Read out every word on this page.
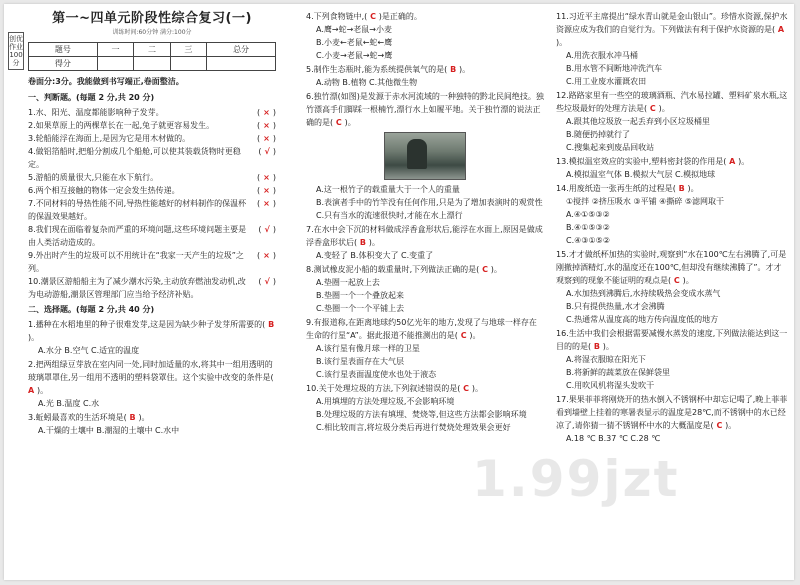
创优作业100分
1.99jzt
第一~四单元阶段性综合复习(一)
训练时间:60分钟 满分:100分
题号	一	二	三	总分
得分				
卷面分:3分。我能做到书写端正,卷面整洁。
一、判断题。(每题 2 分,共 20 分)
1.水、阳光、温度都能影响种子发芽。	( × )
2.如果草原上的两棵草长在一起,兔子就更容易发生。	( × )
3.轮船能浮在海面上,是因为它是用木材做的。	( × )
4.做铝箔船时,把船分割成几个船舱,可以使其装载货物时更稳定。
( √ )
5.游船的质量很大,只能在水下航行。	( × )
6.两个相互接触的物体一定会发生热传递。	( × )
7.不同材料的导热性能不同,导热性能越好的材料制作的保温杯的保温效果越好。
( × )
8.我们现在面临着复杂而严重的环境问题,这些环境问题主要是由人类活动造成的。
( √ )
9.外出时产生的垃圾可以不用统计在“我家一天产生的垃圾”之列。
( × )
10.潮景区游船船主为了减少潮水污染,主动放弃燃油发动机,改为电动游船,潮景区管理部门应当给予经济补贴。
( √ )
二、选择题。(每题 2 分,共 40 分)
1.播种在水稻地里的种子很难发芽,这是因为缺少种子发芽所需要的( B )。
A.水分 B.空气 C.适宜的温度
2.把两组绿豆芽放在室内同一处,同时加适量的水,将其中一组用透明的玻璃罩罩住,另一组用不透明的塑料袋罩住。这个实验中改变的条件是( A )。
A.光 B.温度 C.水
3.蚯蚓最喜欢的生活环境是( B )。
A.干燥的土壤中 B.潮湿的土壤中 C.水中
4.下列食物链中,( C )是正确的。
A.鹰→蛇→老鼠→小麦
B.小麦←老鼠←蛇←鹰
C.小麦→老鼠→蛇→鹰
5.制作生态瓶时,能为系统提供氧气的是( B )。
A.动物 B.植物 C.其他微生物
6.独竹漂(如图)是发源于赤水河流域的一种独特的黔北民间绝技。独竹漂高手们脚踩一根楠竹,漂行水上如履平地。关于独竹漂的说法正确的是( C )。
A.这一根竹子的载重量大于一个人的重量
B.表演者手中的竹竿没有任何作用,只是为了增加表演时的观赏性
C.只有当水的流速很快时,才能在水上漂行
7.在水中会下沉的材料做成浮香盒形状后,能浮在水面上,原因是做成浮香盒形状后( B )。
A.变轻了 B.体积变大了 C.变重了
8.测试橡皮泥小船的载重量时,下列做法正确的是( C )。
A.垫圈一起放上去
B.垫圈一个一个叠放起来
C.垫圈一个一个平铺上去
9.有报道称,在距离地球约50亿光年的地方,发现了与地球一样存在生命的行星“A”。据此报道不能推测出的是( C )。
A.该行星有像月球一样的卫星
B.该行星表面存在大气层
C.该行星表面温度使水也处于液态
10.关于处理垃圾的方法,下列叙述错误的是( C )。
A.用填埋的方法处理垃圾,不会影响环境
B.处理垃圾的方法有填埋、焚烧等,但这些方法都会影响环境
C.相比较而言,将垃圾分类后再进行焚烧处理效果会更好
11.习近平主席提出“绿水青山就是金山银山”。珍惜水资源,保护水资源应成为我们的自觉行为。下列做法有利于保护水资源的是( A )。
A.用洗衣服水冲马桶
B.用水管不间断地冲洗汽车
C.用工业废水灌溉农田
12.路路家里有一些空的玻璃酒瓶、汽水易拉罐、塑料矿泉水瓶,这些垃圾最好的处理方法是( C )。
A.跟其他垃圾放一起丢弃到小区垃圾桶里
B.随便扔掉就行了
C.搜集起来到废品回收站
13.模拟温室效应的实验中,塑料密封袋的作用是( A )。
A.模拟温室气体 B.模拟大气层 C.模拟地球
14.用废纸造一张再生纸的过程是( B )。
①搅拌 ②挤压吸水 ③平铺 ④撕碎 ⑤滤网取干
A.④①⑤③②
B.④①⑤③②
C.④③①⑤②
15.才才做纸杯加热的实验时,观察到“水在100℃左右沸腾了,可是刚撤掉酒精灯,水的温度还在100℃,但却没有继续沸腾了”。才才观察到的现象不能证明的观点是( C )。
A.水加热到沸腾后,水持续吸热会变成水蒸气
B.只有提供热量,水才会沸腾
C.热通常从温度高的地方传向温度低的地方
16.生活中我们会根据需要减慢水蒸发的速度,下列做法能达到这一目的的是( B )。
A.将湿衣服晾在阳光下
B.将新鲜的蔬菜放在保鲜袋里
C.用吹风机将湿头发吹干
17.果果菲菲将刚烧开的热水倒入不锈钢杯中却忘记喝了,晚上菲菲看到墙壁上挂着的寒暑表显示的温度是28℃,而不锈钢中的水已经凉了,请你猜一猜不锈钢杯中水的大概温度是( C )。
A.18 ℃ B.37 ℃ C.28 ℃
